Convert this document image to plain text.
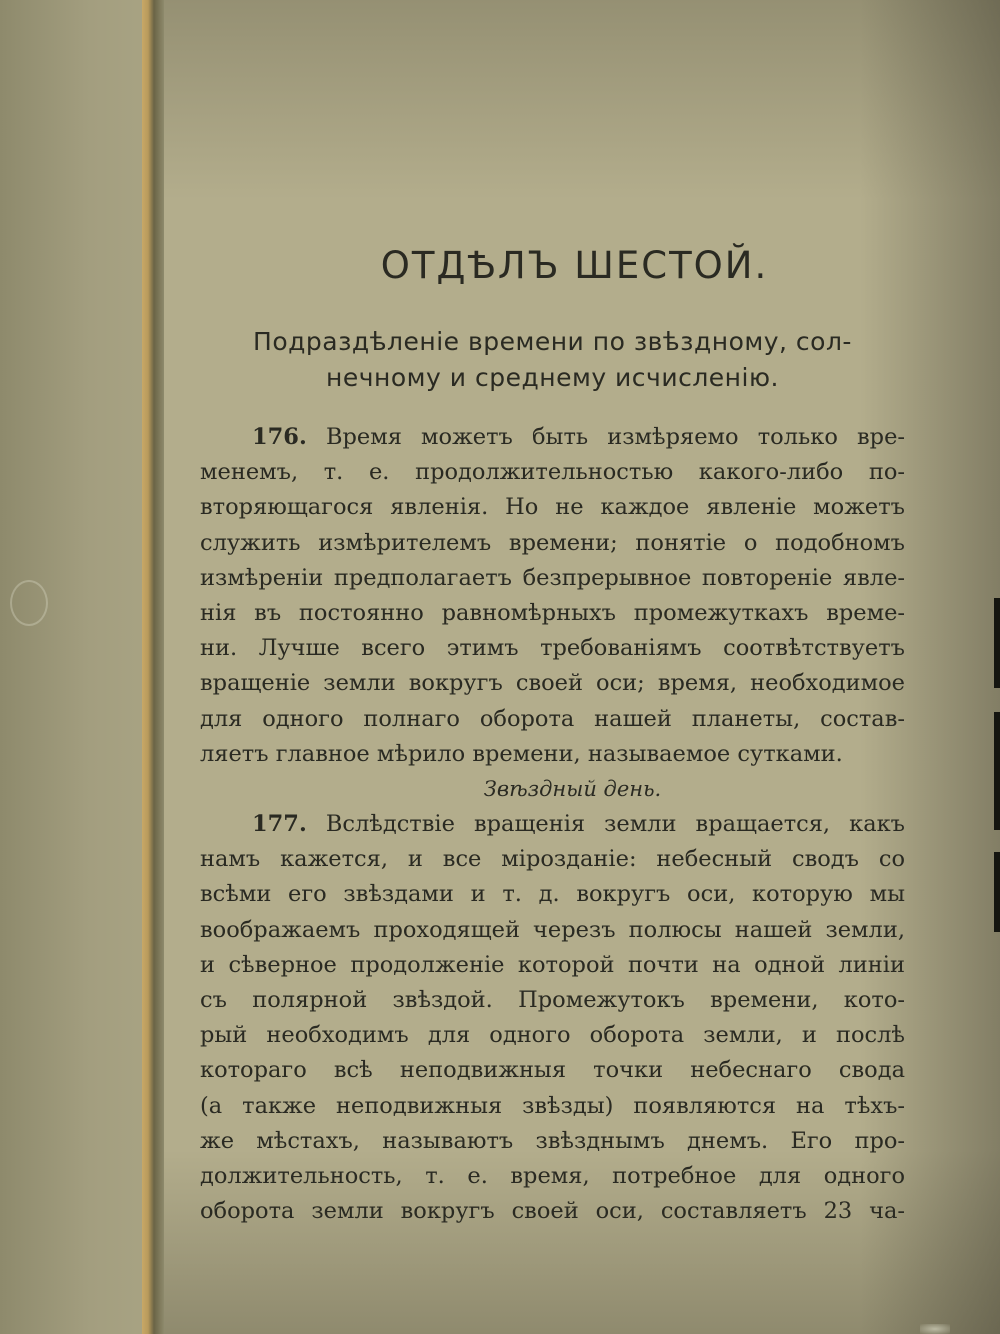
ОТДѢЛЪ ШЕСТОЙ.
Подраздѣленіе времени по звѣздному, сол-
нечному и среднему исчисленію.
176. Время можетъ быть измѣряемо только вре-
менемъ, т. е. продолжительностью какого-либо по-
вторяющагося явленія. Но не каждое явленіе можетъ
служить измѣрителемъ времени; понятіе о подобномъ
измѣреніи предполагаетъ безпрерывное повтореніе явле-
нія въ постоянно равномѣрныхъ промежуткахъ време-
ни. Лучше всего этимъ требованіямъ соотвѣтствуетъ
вращеніе земли вокругъ своей оси; время, необходимое
для одного полнаго оборота нашей планеты, состав-
ляетъ главное мѣрило времени, называемое сутками.
Звѣздный день.
177. Вслѣдствіе вращенія земли вращается, какъ
намъ кажется, и все мірозданіе: небесный сводъ со
всѣми его звѣздами и т. д. вокругъ оси, которую мы
воображаемъ проходящей черезъ полюсы нашей земли,
и сѣверное продолженіе которой почти на одной линіи
съ полярной звѣздой. Промежутокъ времени, кото-
рый необходимъ для одного оборота земли, и послѣ
котораго всѣ неподвижныя точки небеснаго свода
(а также неподвижныя звѣзды) появляются на тѣхъ-
же мѣстахъ, называютъ звѣзднымъ днемъ. Его про-
должительность, т. е. время, потребное для одного
оборота земли вокругъ своей оси, составляетъ 23 ча-
